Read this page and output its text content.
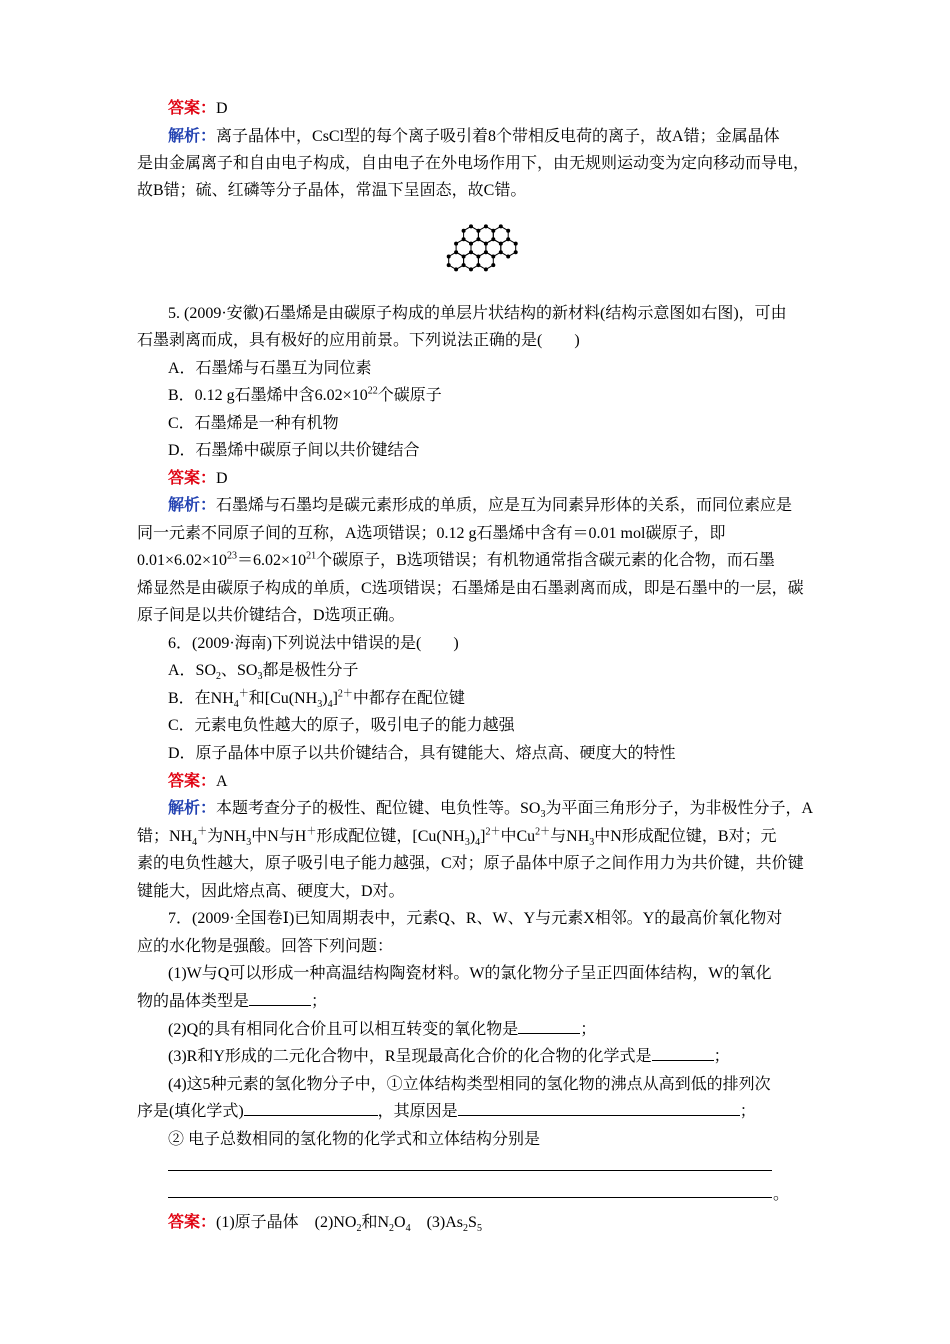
答案：D
解析：离子晶体中，CsCl型的每个离子吸引着8个带相反电荷的离子，故A错；金属晶体
是由金属离子和自由电子构成，自由电子在外电场作用下，由无规则运动变为定向移动而导电，
故B错；硫、红磷等分子晶体，常温下呈固态，故C错。
5. (2009·安徽)石墨烯是由碳原子构成的单层片状结构的新材料(结构示意图如右图)，可由
石墨剥离而成，具有极好的应用前景。下列说法正确的是(　　)
A．石墨烯与石墨互为同位素
B．0.12 g石墨烯中含$6.02\times 10^{22}$个碳原子
C．石墨烯是一种有机物
D．石墨烯中碳原子间以共价键结合
答案：D
解析：石墨烯与石墨均是碳元素形成的单质，应是互为同素异形体的关系，而同位素应是
同一元素不同原子间的互称，A选项错误；0.12 g石墨烯中含有＝0.01 mol碳原子，即
$0.01\times 6.02\times 10^{23}=6.02\times 10^{21}$个碳原子，B选项错误；有机物通常指含碳元素的化合物，而石墨
烯显然是由碳原子构成的单质，C选项错误；石墨烯是由石墨剥离而成，即是石墨中的一层，碳
原子间是以共价键结合，D选项正确。
6．(2009·海南)下列说法中错误的是(　　)
A．$SO_2$、$SO_3$都是极性分子
B．在$NH_4^+$和$[Cu(NH_3)_4]^{2+}$中都存在配位键
C．元素电负性越大的原子，吸引电子的能力越强
D．原子晶体中原子以共价键结合，具有键能大、熔点高、硬度大的特性
答案：A
解析：本题考查分子的极性、配位键、电负性等。$SO_3$为平面三角形分子，为非极性分子，A
错；$NH_4^+$为$NH_3$中N与H＋形成配位键，$[Cu(NH_3)_4]^{2+}$中$Cu^{2+}$与$NH_3$中N形成配位键，B对；元
素的电负性越大，原子吸引电子能力越强，C对；原子晶体中原子之间作用力为共价键，共价键
键能大，因此熔点高、硬度大，D对。
7．(2009·全国卷Ⅰ)已知周期表中，元素Q、R、W、Y与元素X相邻。Y的最高价氧化物对
应的水化物是强酸。回答下列问题：
(1)W与Q可以形成一种高温结构陶瓷材料。W的氯化物分子呈正四面体结构，W的氧化
物的晶体类型是	；
(2)Q的具有相同化合价且可以相互转变的氧化物是	；
(3)R和Y形成的二元化合物中，R呈现最高化合价的化合物的化学式是	；
(4)这5种元素的氢化物分子中，①立体结构类型相同的氢化物的沸点从高到低的排列次
序是(填化学式)	，其原因是	；
② 电子总数相同的氢化物的化学式和立体结构分别是
。
答案：(1)原子晶体　$(2)NO_2$和$N_2O_4$　$(3)As_2S_5$
